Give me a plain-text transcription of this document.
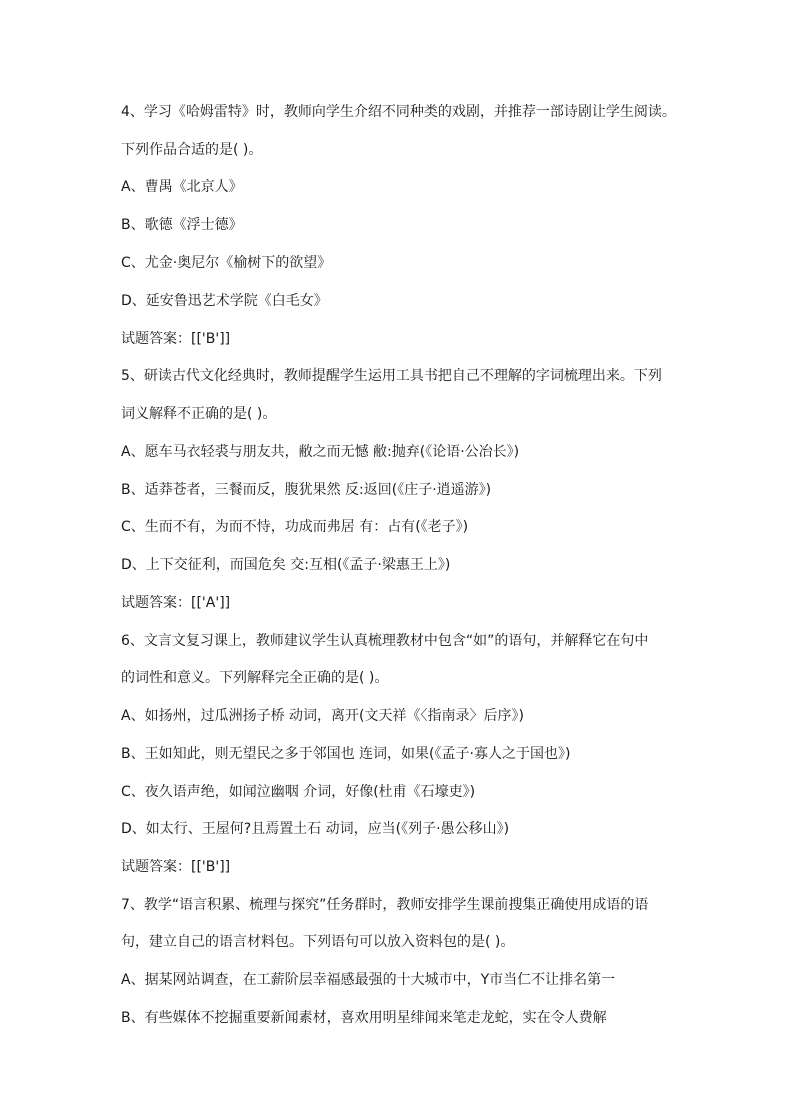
4、学习《哈姆雷特》时，教师向学生介绍不同种类的戏剧，并推荐一部诗剧让学生阅读。
下列作品合适的是( )。
A、曹禺《北京人》
B、歌德《浮士德》
C、尤金·奥尼尔《榆树下的欲望》
D、延安鲁迅艺术学院《白毛女》
试题答案：[['B']]
5、研读古代文化经典时，教师提醒学生运用工具书把自己不理解的字词梳理出来。下列
词义解释不正确的是( )。
A、愿车马衣轻裘与朋友共，敝之而无憾 敝:抛弃(《论语·公冶长》)
B、适莽苍者，三餐而反，腹犹果然 反:返回(《庄子·逍遥游》)
C、生而不有，为而不恃，功成而弗居 有：占有(《老子》)
D、上下交征利，而国危矣 交:互相(《孟子·梁惠王上》)
试题答案：[['A']]
6、文言文复习课上，教师建议学生认真梳理教材中包含“如”的语句，并解释它在句中
的词性和意义。下列解释完全正确的是( )。
A、如扬州，过瓜洲扬子桥 动词，离开(文天祥《〈指南录〉后序》)
B、王如知此，则无望民之多于邻国也 连词，如果(《孟子·寡人之于国也》)
C、夜久语声绝，如闻泣幽咽 介词，好像(杜甫《石壕吏》)
D、如太行、王屋何?且焉置土石 动词，应当(《列子·愚公移山》)
试题答案：[['B']]
7、教学“语言积累、梳理与探究”任务群时，教师安排学生课前搜集正确使用成语的语
句，建立自己的语言材料包。下列语句可以放入资料包的是( )。
A、据某网站调查，在工薪阶层幸福感最强的十大城市中，Y市当仁不让排名第一
B、有些媒体不挖掘重要新闻素材，喜欢用明星绯闻来笔走龙蛇，实在令人费解
